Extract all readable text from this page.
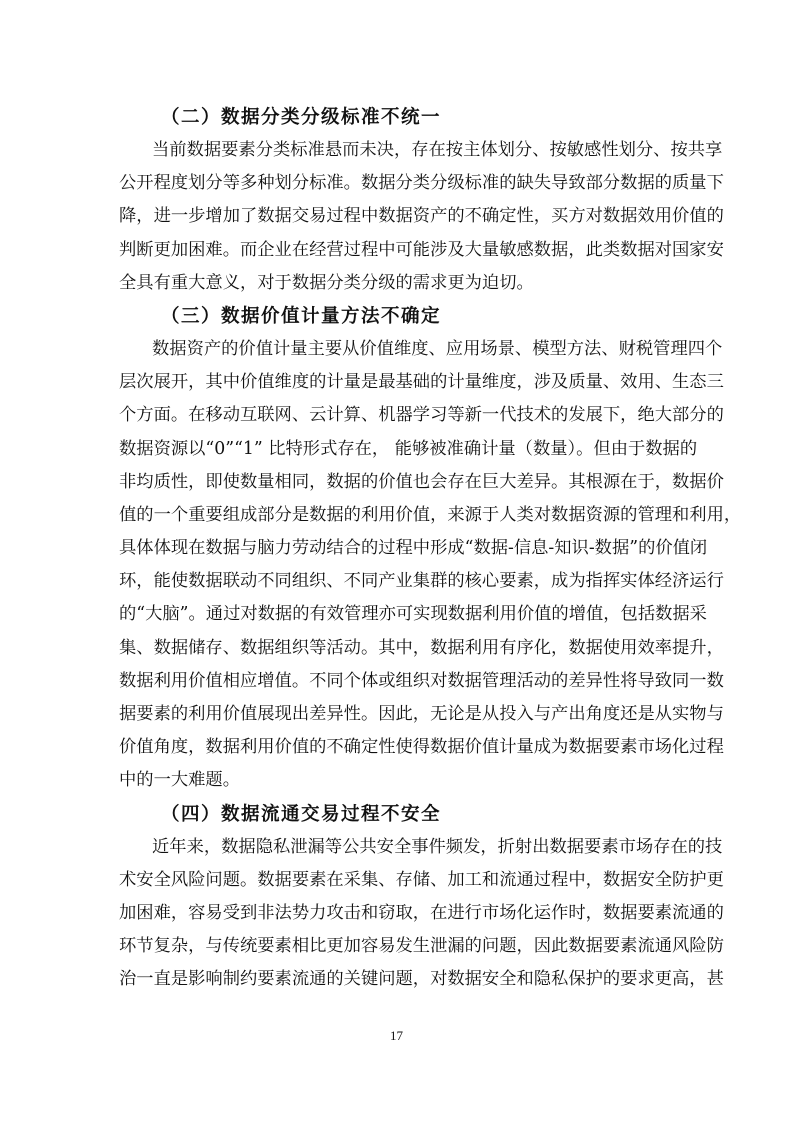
（二）数据分类分级标准不统一
当前数据要素分类标准悬而未决，存在按主体划分、按敏感性划分、按共享
公开程度划分等多种划分标准。数据分类分级标准的缺失导致部分数据的质量下
降，进一步增加了数据交易过程中数据资产的不确定性，买方对数据效用价值的
判断更加困难。而企业在经营过程中可能涉及大量敏感数据，此类数据对国家安
全具有重大意义，对于数据分类分级的需求更为迫切。
（三）数据价值计量方法不确定
数据资产的价值计量主要从价值维度、应用场景、模型方法、财税管理四个
层次展开，其中价值维度的计量是最基础的计量维度，涉及质量、效用、生态三
个方面。在移动互联网、云计算、机器学习等新一代技术的发展下，绝大部分的
数据资源以“0”“1” 比特形式存在， 能够被准确计量（数量）。但由于数据的
非均质性，即使数量相同，数据的价值也会存在巨大差异。其根源在于，数据价
值的一个重要组成部分是数据的利用价值，来源于人类对数据资源的管理和利用，
具体体现在数据与脑力劳动结合的过程中形成“数据-信息-知识-数据”的价值闭
环，能使数据联动不同组织、不同产业集群的核心要素，成为指挥实体经济运行
的“大脑”。通过对数据的有效管理亦可实现数据利用价值的增值，包括数据采
集、数据储存、数据组织等活动。其中，数据利用有序化，数据使用效率提升，
数据利用价值相应增值。不同个体或组织对数据管理活动的差异性将导致同一数
据要素的利用价值展现出差异性。因此，无论是从投入与产出角度还是从实物与
价值角度，数据利用价值的不确定性使得数据价值计量成为数据要素市场化过程
中的一大难题。
（四）数据流通交易过程不安全
近年来，数据隐私泄漏等公共安全事件频发，折射出数据要素市场存在的技
术安全风险问题。数据要素在采集、存储、加工和流通过程中，数据安全防护更
加困难，容易受到非法势力攻击和窃取，在进行市场化运作时，数据要素流通的
环节复杂，与传统要素相比更加容易发生泄漏的问题，因此数据要素流通风险防
治一直是影响制约要素流通的关键问题，对数据安全和隐私保护的要求更高，甚
17
